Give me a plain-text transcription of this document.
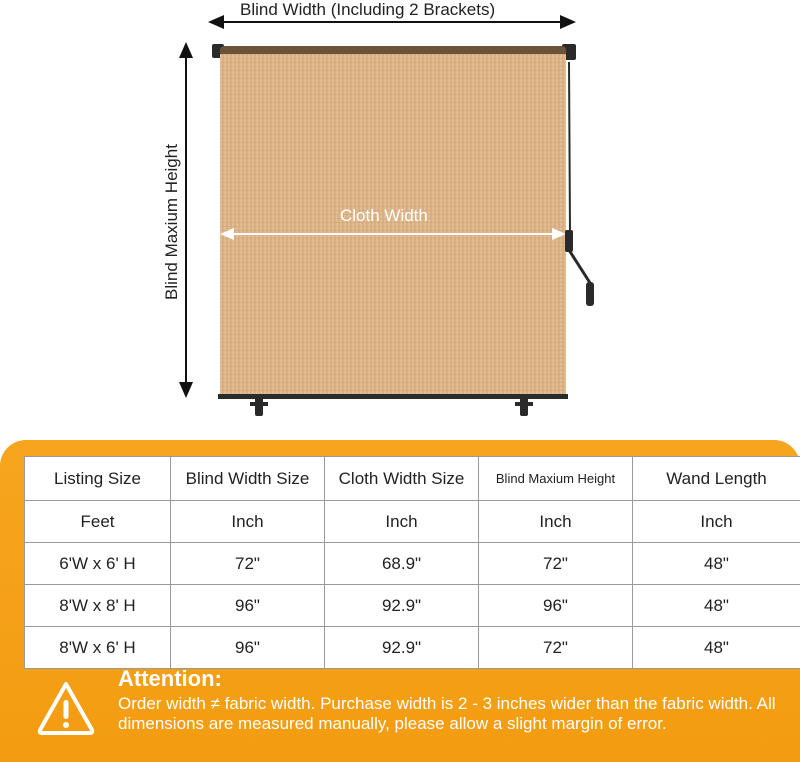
Blind Width (Including 2 Brackets)
Blind Maxium Height	Cloth Width
Listing Size	Blind Width Size	Cloth Width Size	Blind Maxium Height	Wand Length
Feet	Inch	Inch	Inch	Inch
6'W x 6' H	72"	68.9"	72"	48"
8'W x 8' H	96"	92.9"	96"	48"
8'W x 6' H	96"	92.9"	72"	48"
Attention:
Order width ≠ fabric width. Purchase width is 2 - 3 inches wider than the fabric width. All dimensions are measured manually, please allow a slight margin of error.
